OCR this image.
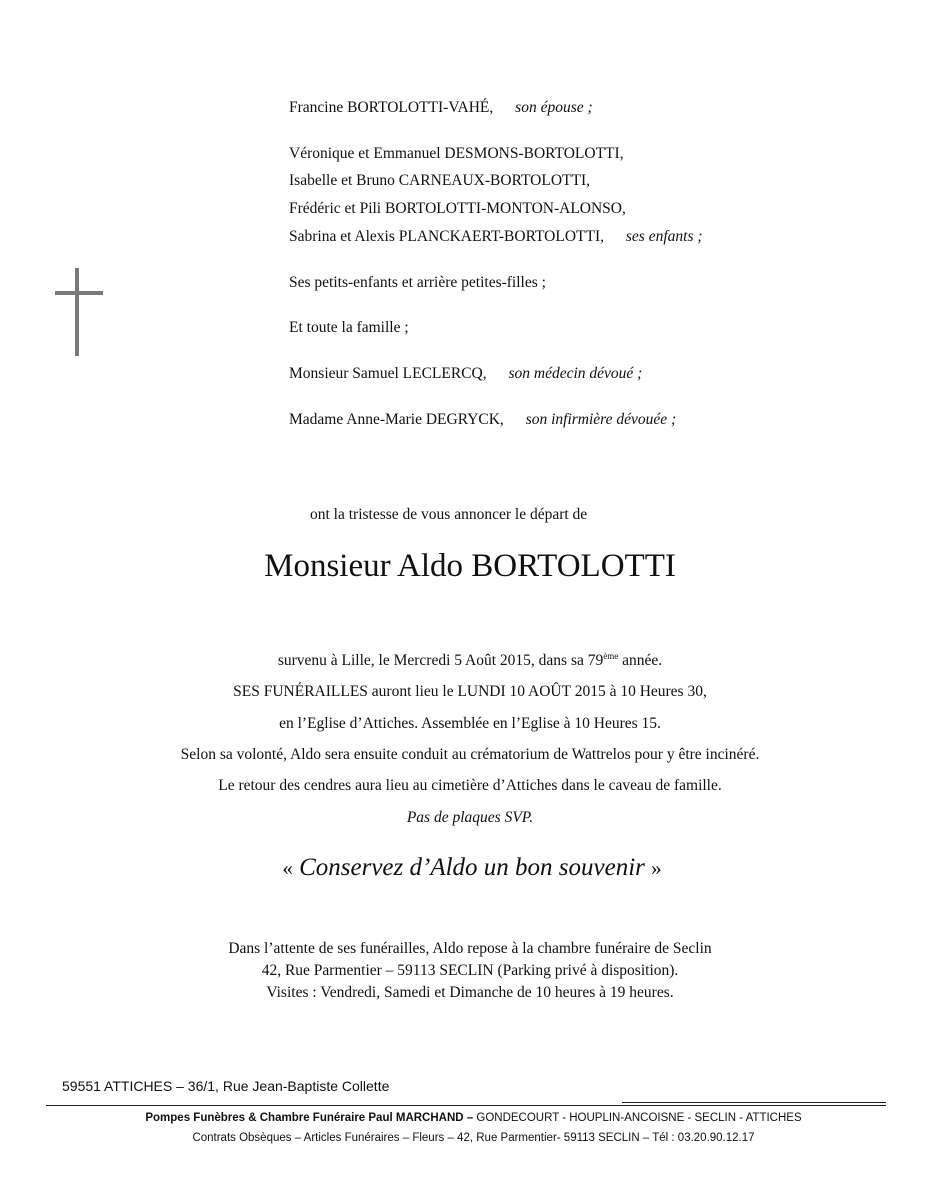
Francine BORTOLOTTI-VAHÉ, son épouse ;
Véronique et Emmanuel DESMONS-BORTOLOTTI,
Isabelle et Bruno CARNEAUX-BORTOLOTTI,
Frédéric et Pili BORTOLOTTI-MONTON-ALONSO,
Sabrina et Alexis PLANCKAERT-BORTOLOTTI, ses enfants ;
Ses petits-enfants et arrière petites-filles ;
Et toute la famille ;
Monsieur Samuel LECLERCQ, son médecin dévoué ;
Madame Anne-Marie DEGRYCK, son infirmière dévouée ;
ont la tristesse de vous annoncer le départ de
Monsieur Aldo BORTOLOTTI
survenu à Lille, le Mercredi 5 Août 2015, dans sa 79ème année.
SES FUNÉRAILLES auront lieu le LUNDI 10 AOÛT 2015 à 10 Heures 30,
en l’Eglise d’Attiches. Assemblée en l’Eglise à 10 Heures 15.
Selon sa volonté, Aldo sera ensuite conduit au crématorium de Wattrelos pour y être incinéré.
Le retour des cendres aura lieu au cimetière d’Attiches dans le caveau de famille.
Pas de plaques SVP.
« Conservez d’Aldo un bon souvenir »
Dans l’attente de ses funérailles, Aldo repose à la chambre funéraire de Seclin
42, Rue Parmentier – 59113 SECLIN (Parking privé à disposition).
Visites : Vendredi, Samedi et Dimanche de 10 heures à 19 heures.
59551 ATTICHES – 36/1, Rue Jean-Baptiste Collette
Pompes Funèbres & Chambre Funéraire Paul MARCHAND – GONDECOURT - HOUPLIN-ANCOISNE - SECLIN - ATTICHES
Contrats Obsèques – Articles Funéraires – Fleurs – 42, Rue Parmentier- 59113 SECLIN – Tél : 03.20.90.12.17
